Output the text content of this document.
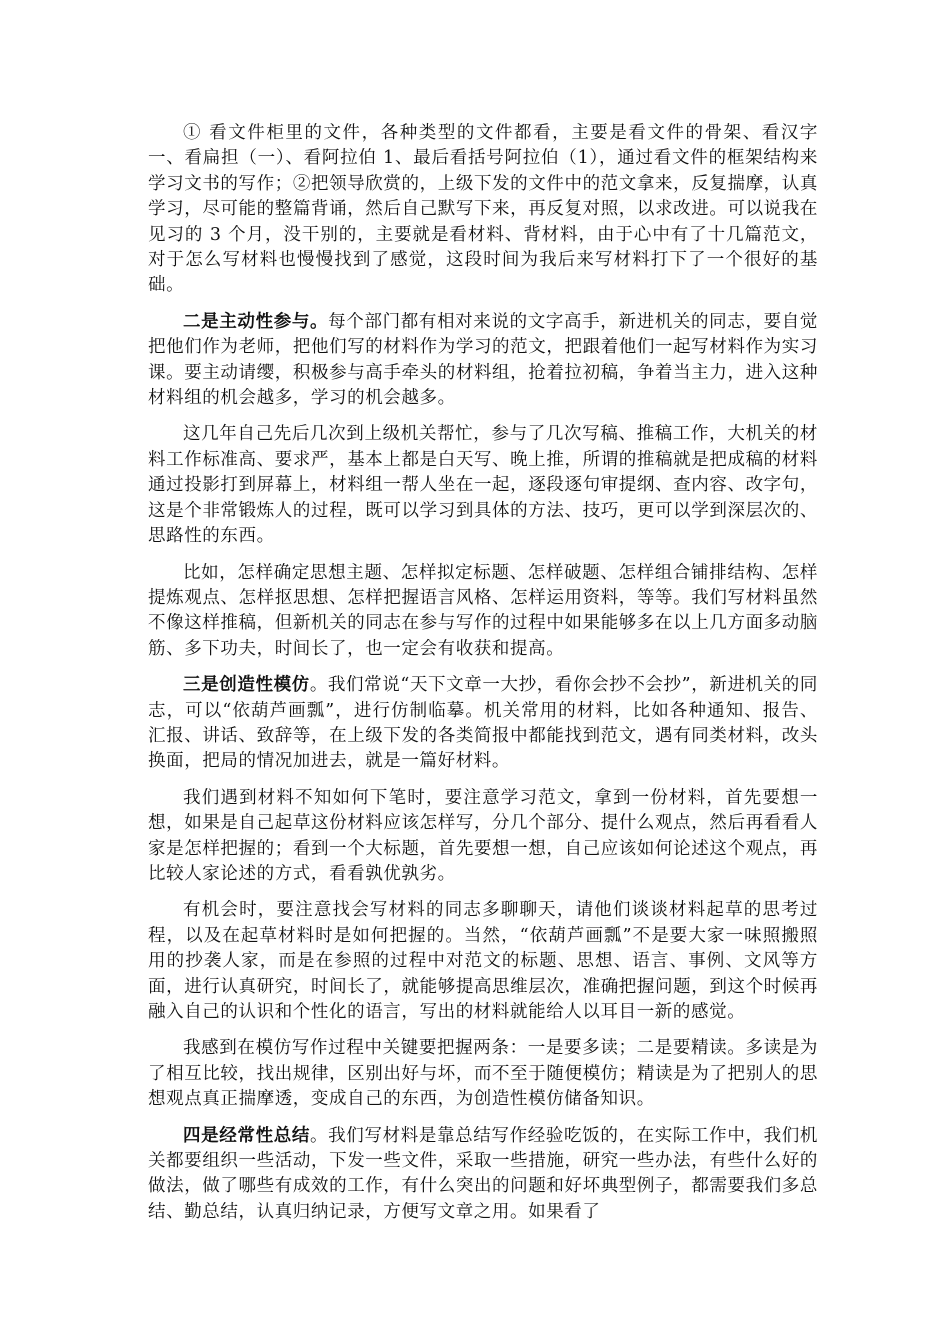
① 看文件柜里的文件，各种类型的文件都看，主要是看文件的骨架、看汉字一、看扁担（一）、看阿拉伯 1、最后看括号阿拉伯（1），通过看文件的框架结构来学习文书的写作；②把领导欣赏的，上级下发的文件中的范文拿来，反复揣摩，认真学习，尽可能的整篇背诵，然后自己默写下来，再反复对照，以求改进。可以说我在见习的 3 个月，没干别的，主要就是看材料、背材料，由于心中有了十几篇范文，对于怎么写材料也慢慢找到了感觉，这段时间为我后来写材料打下了一个很好的基础。

二是主动性参与。每个部门都有相对来说的文字高手，新进机关的同志，要自觉把他们作为老师，把他们写的材料作为学习的范文，把跟着他们一起写材料作为实习课。要主动请缨，积极参与高手牵头的材料组，抢着拉初稿，争着当主力，进入这种材料组的机会越多，学习的机会越多。

这几年自己先后几次到上级机关帮忙，参与了几次写稿、推稿工作，大机关的材料工作标准高、要求严，基本上都是白天写、晚上推，所谓的推稿就是把成稿的材料通过投影打到屏幕上，材料组一帮人坐在一起，逐段逐句审提纲、查内容、改字句，这是个非常锻炼人的过程，既可以学习到具体的方法、技巧，更可以学到深层次的、思路性的东西。

比如，怎样确定思想主题、怎样拟定标题、怎样破题、怎样组合铺排结构、怎样提炼观点、怎样抠思想、怎样把握语言风格、怎样运用资料，等等。我们写材料虽然不像这样推稿，但新机关的同志在参与写作的过程中如果能够多在以上几方面多动脑筋、多下功夫，时间长了，也一定会有收获和提高。

三是创造性模仿。我们常说“天下文章一大抄，看你会抄不会抄”，新进机关的同志，可以“依葫芦画瓢”，进行仿制临摹。机关常用的材料，比如各种通知、报告、汇报、讲话、致辞等，在上级下发的各类简报中都能找到范文，遇有同类材料，改头换面，把局的情况加进去，就是一篇好材料。

我们遇到材料不知如何下笔时，要注意学习范文，拿到一份材料，首先要想一想，如果是自己起草这份材料应该怎样写，分几个部分、提什么观点，然后再看看人家是怎样把握的；看到一个大标题，首先要想一想，自己应该如何论述这个观点，再比较人家论述的方式，看看孰优孰劣。

有机会时，要注意找会写材料的同志多聊聊天，请他们谈谈材料起草的思考过程，以及在起草材料时是如何把握的。当然，“依葫芦画瓢”不是要大家一味照搬照用的抄袭人家，而是在参照的过程中对范文的标题、思想、语言、事例、文风等方面，进行认真研究，时间长了，就能够提高思维层次，准确把握问题，到这个时候再融入自己的认识和个性化的语言，写出的材料就能给人以耳目一新的感觉。

我感到在模仿写作过程中关键要把握两条：一是要多读；二是要精读。多读是为了相互比较，找出规律，区别出好与坏，而不至于随便模仿；精读是为了把别人的思想观点真正揣摩透，变成自己的东西，为创造性模仿储备知识。

四是经常性总结。我们写材料是靠总结写作经验吃饭的，在实际工作中，我们机关都要组织一些活动，下发一些文件，采取一些措施，研究一些办法，有些什么好的做法，做了哪些有成效的工作，有什么突出的问题和好坏典型例子，都需要我们多总结、勤总结，认真归纳记录，方便写文章之用。如果看了
